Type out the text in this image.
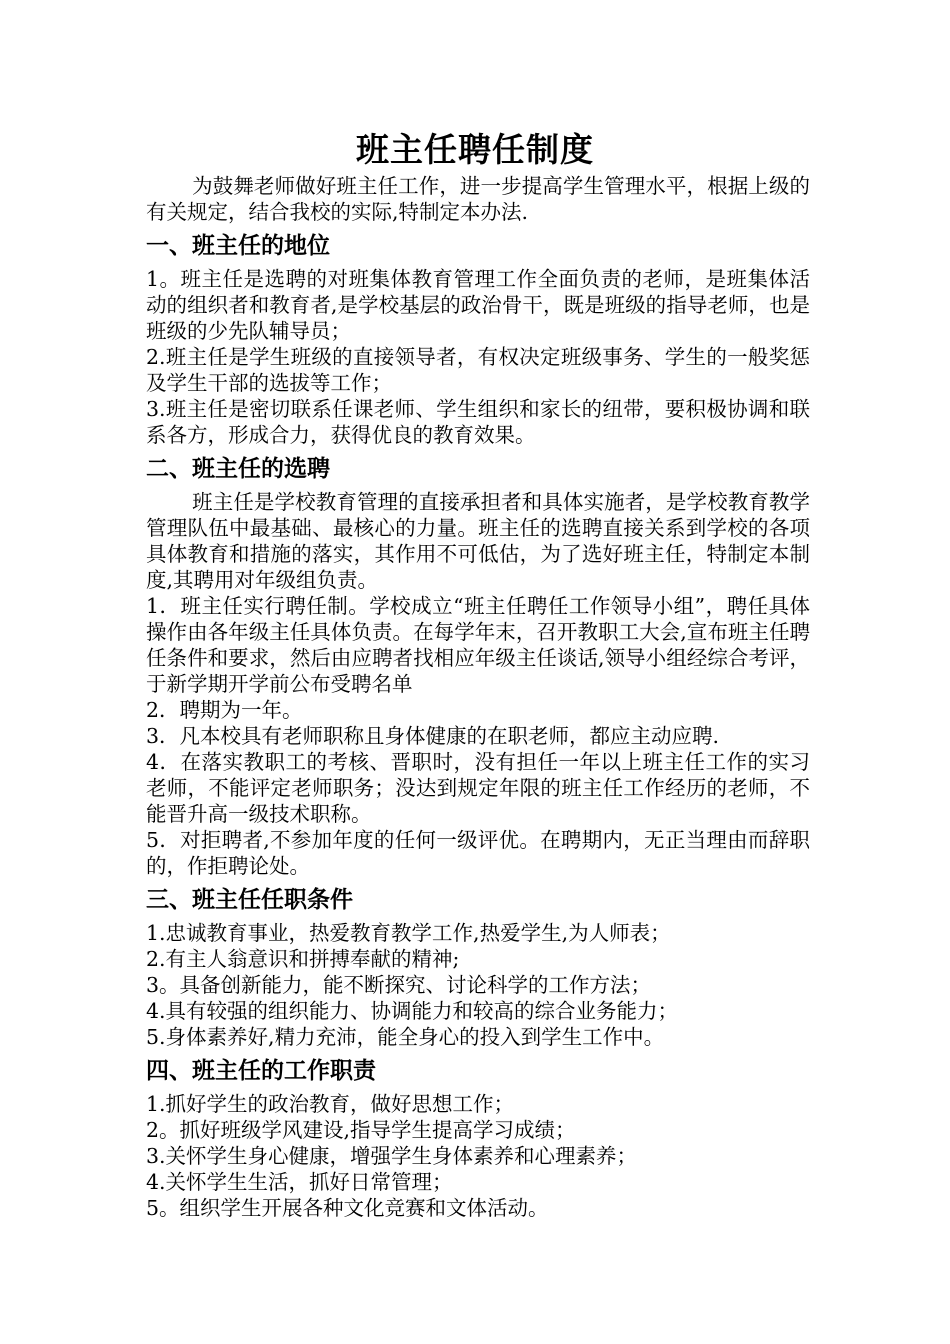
班主任聘任制度

为鼓舞老师做好班主任工作，进一步提高学生管理水平，根据上级的有关规定，结合我校的实际,特制定本办法.

一、班主任的地位

1。班主任是选聘的对班集体教育管理工作全面负责的老师，是班集体活动的组织者和教育者,是学校基层的政治骨干，既是班级的指导老师，也是班级的少先队辅导员；

2.班主任是学生班级的直接领导者，有权决定班级事务、学生的一般奖惩及学生干部的选拔等工作；

3.班主任是密切联系任课老师、学生组织和家长的纽带，要积极协调和联系各方，形成合力，获得优良的教育效果。

二、班主任的选聘

班主任是学校教育管理的直接承担者和具体实施者，是学校教育教学管理队伍中最基础、最核心的力量。班主任的选聘直接关系到学校的各项具体教育和措施的落实，其作用不可低估，为了选好班主任，特制定本制度,其聘用对年级组负责。

1．班主任实行聘任制。学校成立“班主任聘任工作领导小组”，聘任具体操作由各年级主任具体负责。在每学年末，召开教职工大会,宣布班主任聘任条件和要求，然后由应聘者找相应年级主任谈话,领导小组经综合考评，于新学期开学前公布受聘名单

2．聘期为一年。

3．凡本校具有老师职称且身体健康的在职老师，都应主动应聘.

4．在落实教职工的考核、晋职时，没有担任一年以上班主任工作的实习老师，不能评定老师职务；没达到规定年限的班主任工作经历的老师，不能晋升高一级技术职称。

5．对拒聘者,不参加年度的任何一级评优。在聘期内，无正当理由而辞职的，作拒聘论处。

三、班主任任职条件

1.忠诚教育事业，热爱教育教学工作,热爱学生,为人师表；

2.有主人翁意识和拼搏奉献的精神;

3。具备创新能力，能不断探究、讨论科学的工作方法；

4.具有较强的组织能力、协调能力和较高的综合业务能力；

5.身体素养好,精力充沛，能全身心的投入到学生工作中。

四、班主任的工作职责

1.抓好学生的政治教育，做好思想工作；

2。抓好班级学风建设,指导学生提高学习成绩；

3.关怀学生身心健康，增强学生身体素养和心理素养；

4.关怀学生生活，抓好日常管理；

5。组织学生开展各种文化竞赛和文体活动。
